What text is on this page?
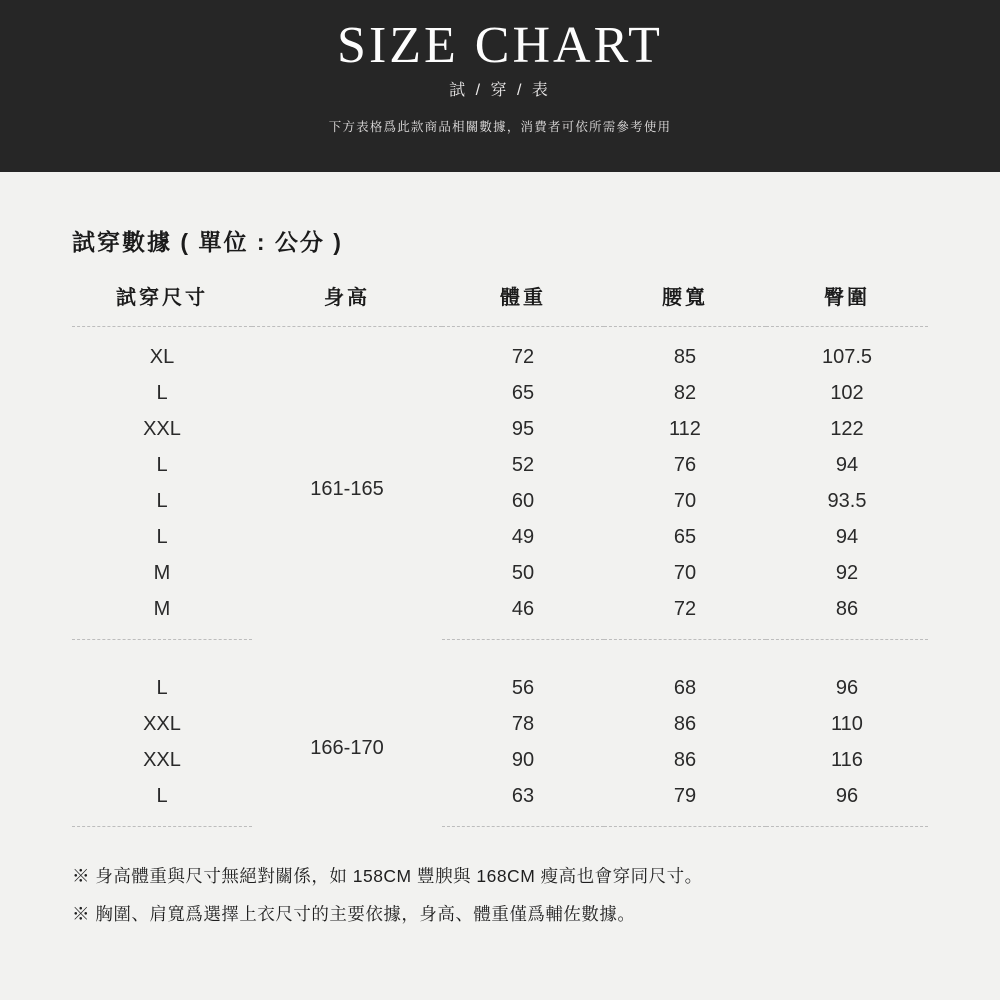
SIZE CHART
試 / 穿 / 表
下方表格爲此款商品相關數據，消費者可依所需參考使用
試穿數據 ( 單位 : 公分 )
試穿尺寸	身高	體重	腰寬	臀圍
XL	161-165	72	85	107.5
L		65	82	102
XXL		95	112	122
L		52	76	94
L		60	70	93.5
L		49	65	94
M		50	70	92
M		46	72	86

L	166-170	56	68	96
XXL		78	86	110
XXL		90	86	116
L		63	79	96
※ 身高體重與尺寸無絕對關係，如 158CM 豐腴與 168CM 瘦高也會穿同尺寸。
※ 胸圍、肩寬爲選擇上衣尺寸的主要依據，身高、體重僅爲輔佐數據。
